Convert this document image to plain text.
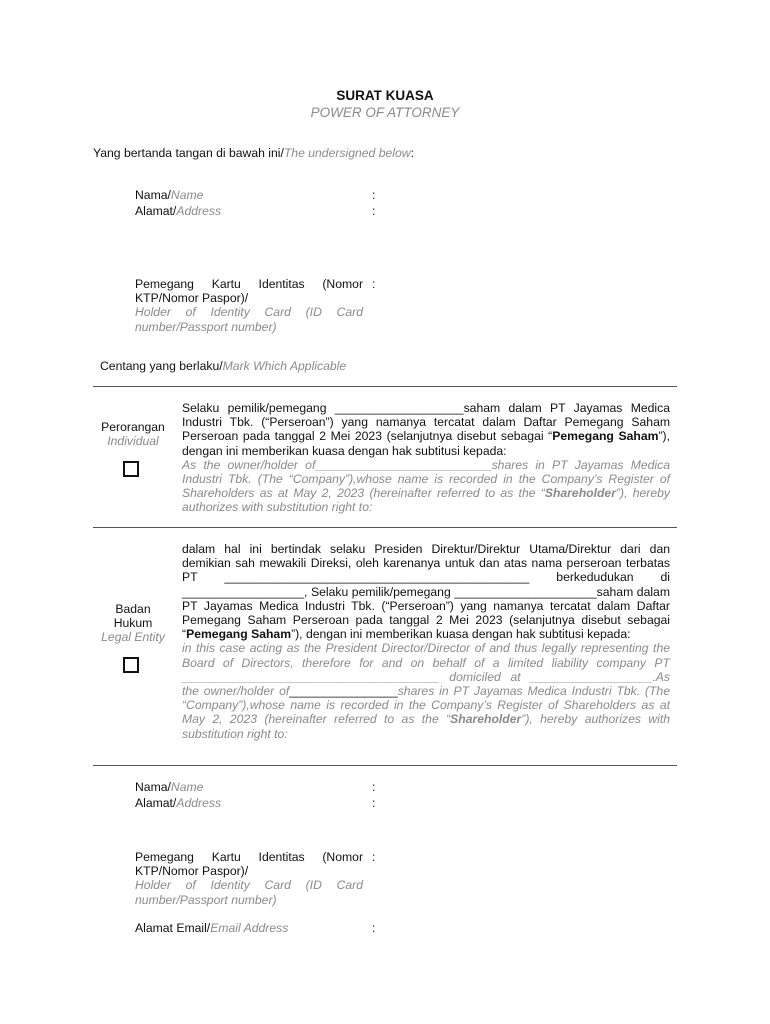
SURAT KUASA
POWER OF ATTORNEY
Yang bertanda tangan di bawah ini/The undersigned below:
Nama/Name	:
Alamat/Address	:
Pemegang Kartu Identitas (Nomor
KTP/Nomor Paspor)/
Holder of Identity Card (ID Card
number/Passport number)
:
Centang yang berlaku/Mark Which Applicable
Perorangan
Individual

Selaku pemilik/pemegang ___________________saham dalam PT Jayamas Medica Industri Tbk. (“Perseroan”) yang namanya tercatat dalam Daftar Pemegang Saham Perseroan pada tanggal 2 Mei 2023 (selanjutnya disebut sebagai “Pemegang Saham”), dengan ini memberikan kuasa dengan hak subtitusi kepada:

As the owner/holder of__________________________shares in PT Jayamas Medica Industri Tbk. (The “Company”),whose name is recorded in the Company’s Register of Shareholders as at May 2, 2023 (hereinafter referred to as the “Shareholder”), hereby authorizes with substitution right to:

Badan
Hukum
Legal Entity

dalam hal ini bertindak selaku Presiden Direktur/Direktur Utama/Direktur dari dan demikian sah mewakili Direksi, oleh karenanya untuk dan atas nama perseroan terbatas PT _____________________________________________ berkedudukan di __________________, Selaku pemilik/pemegang _____________________saham dalam PT Jayamas Medica Industri Tbk. (“Perseroan”) yang namanya tercatat dalam Daftar Pemegang Saham Perseroan pada tanggal 2 Mei 2023 (selanjutnya disebut sebagai “Pemegang Saham”), dengan ini memberikan kuasa dengan hak subtitusi kepada:

in this case acting as the President Director/Director of and thus legally representing the Board of Directors, therefore for and on behalf of a limited liability company PT ______________________________________ domiciled at __________________.As the owner/holder of________________shares in PT Jayamas Medica Industri Tbk. (The “Company”),whose name is recorded in the Company’s Register of Shareholders as at May 2, 2023 (hereinafter referred to as the “Shareholder”), hereby authorizes with substitution right to:

Nama/Name	:
Alamat/Address	:
Pemegang Kartu Identitas (Nomor
KTP/Nomor Paspor)/
Holder of Identity Card (ID Card
number/Passport number)
:
Alamat Email/Email Address	:
